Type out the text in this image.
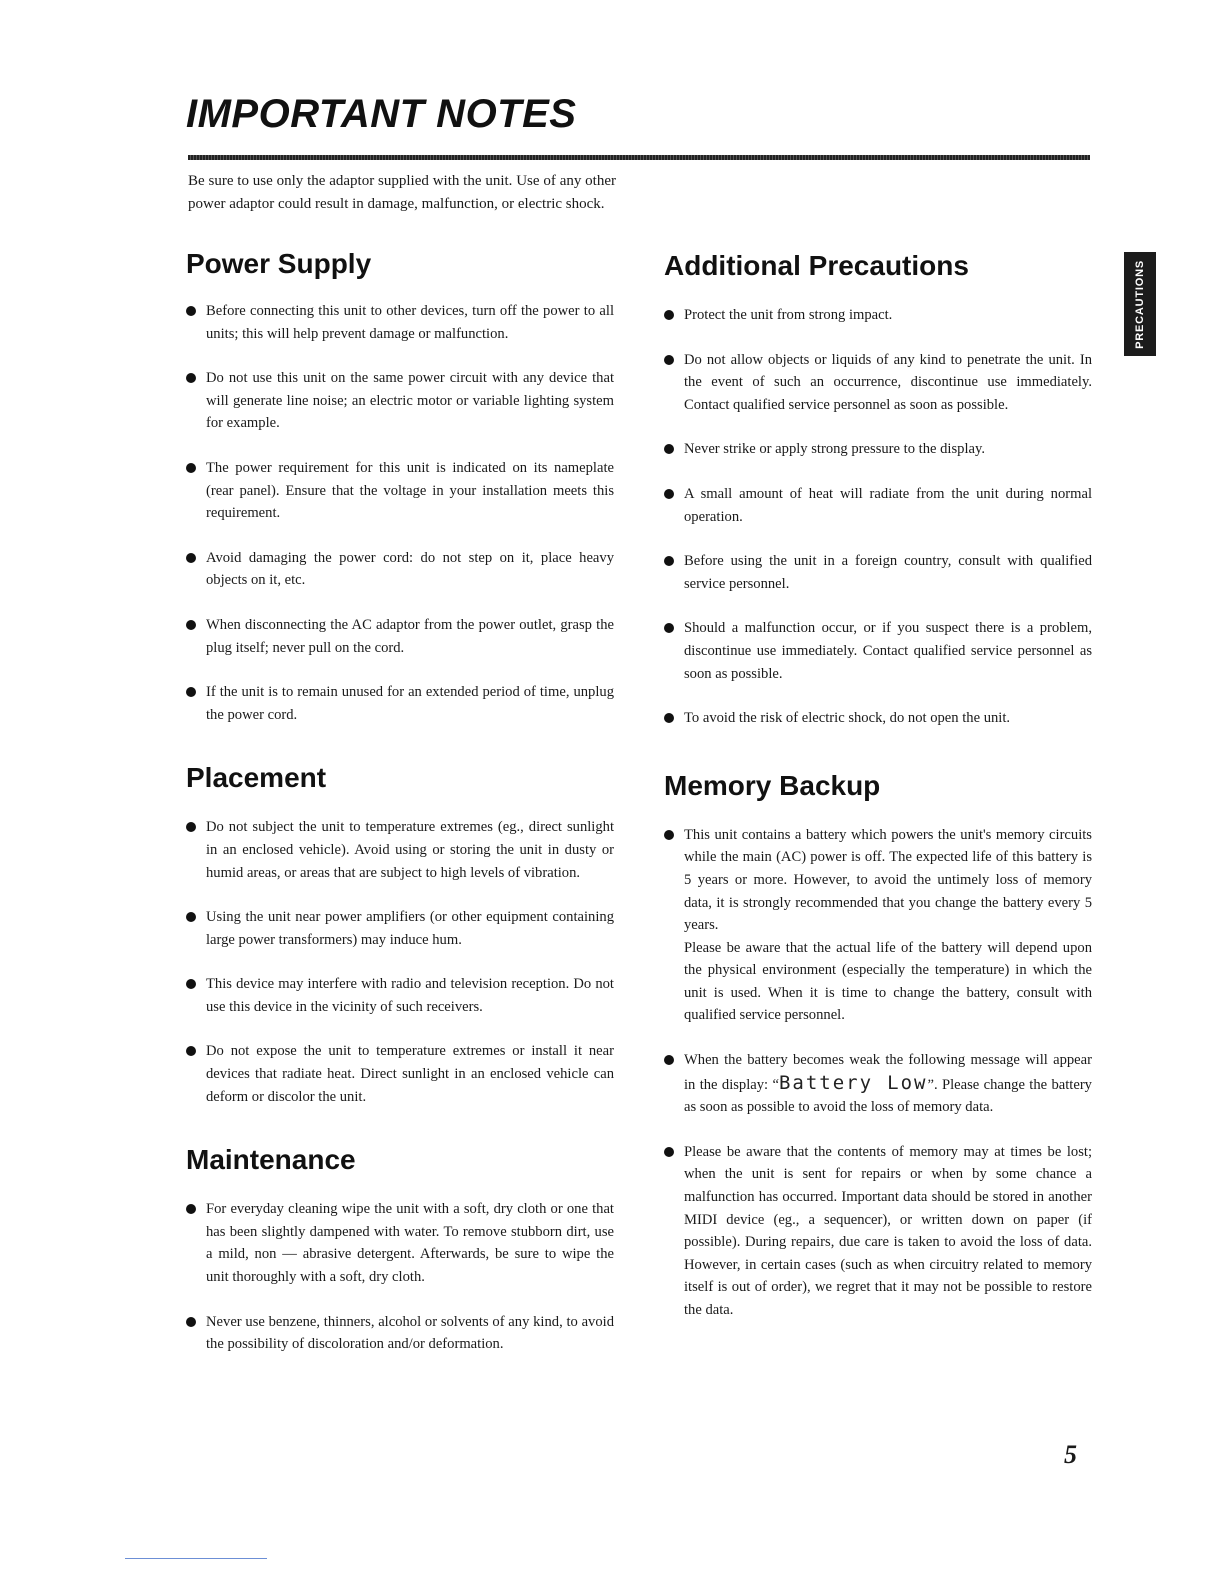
IMPORTANT NOTES

Be sure to use only the adaptor supplied with the unit. Use of any other power adaptor could result in damage, malfunction, or electric shock.

Power Supply
Before connecting this unit to other devices, turn off the power to all units; this will help prevent damage or malfunction.
Do not use this unit on the same power circuit with any device that will generate line noise; an electric motor or variable lighting system for example.
The power requirement for this unit is indicated on its nameplate (rear panel). Ensure that the voltage in your installation meets this requirement.
Avoid damaging the power cord: do not step on it, place heavy objects on it, etc.
When disconnecting the AC adaptor from the power outlet, grasp the plug itself; never pull on the cord.
If the unit is to remain unused for an extended period of time, unplug the power cord.
Placement
Do not subject the unit to temperature extremes (eg., direct sunlight in an enclosed vehicle). Avoid using or storing the unit in dusty or humid areas, or areas that are subject to high levels of vibration.
Using the unit near power amplifiers (or other equipment containing large power transformers) may induce hum.
This device may interfere with radio and television reception. Do not use this device in the vicinity of such receivers.
Do not expose the unit to temperature extremes or install it near devices that radiate heat. Direct sunlight in an enclosed vehicle can deform or discolor the unit.
Maintenance
For everyday cleaning wipe the unit with a soft, dry cloth or one that has been slightly dampened with water. To remove stubborn dirt, use a mild, non — abrasive detergent. Afterwards, be sure to wipe the unit thoroughly with a soft, dry cloth.
Never use benzene, thinners, alcohol or solvents of any kind, to avoid the possibility of discoloration and/or deformation.
Additional Precautions
Protect the unit from strong impact.
Do not allow objects or liquids of any kind to penetrate the unit. In the event of such an occurrence, discontinue use immediately. Contact qualified service personnel as soon as possible.
Never strike or apply strong pressure to the display.
A small amount of heat will radiate from the unit during normal operation.
Before using the unit in a foreign country, consult with qualified service personnel.
Should a malfunction occur, or if you suspect there is a problem, discontinue use immediately. Contact qualified service personnel as soon as possible.
To avoid the risk of electric shock, do not open the unit.
Memory Backup
This unit contains a battery which powers the unit's memory circuits while the main (AC) power is off. The expected life of this battery is 5 years or more. However, to avoid the untimely loss of memory data, it is strongly recommended that you change the battery every 5 years.
Please be aware that the actual life of the battery will depend upon the physical environment (especially the temperature) in which the unit is used. When it is time to change the battery, consult with qualified service personnel.
When the battery becomes weak the following message will appear in the display: “Battery Low”. Please change the battery as soon as possible to avoid the loss of memory data.
Please be aware that the contents of memory may at times be lost; when the unit is sent for repairs or when by some chance a malfunction has occurred. Important data should be stored in another MIDI device (eg., a sequencer), or written down on paper (if possible). During repairs, due care is taken to avoid the loss of data. However, in certain cases (such as when circuitry related to memory itself is out of order), we regret that it may not be possible to restore the data.
PRECAUTIONS
5
